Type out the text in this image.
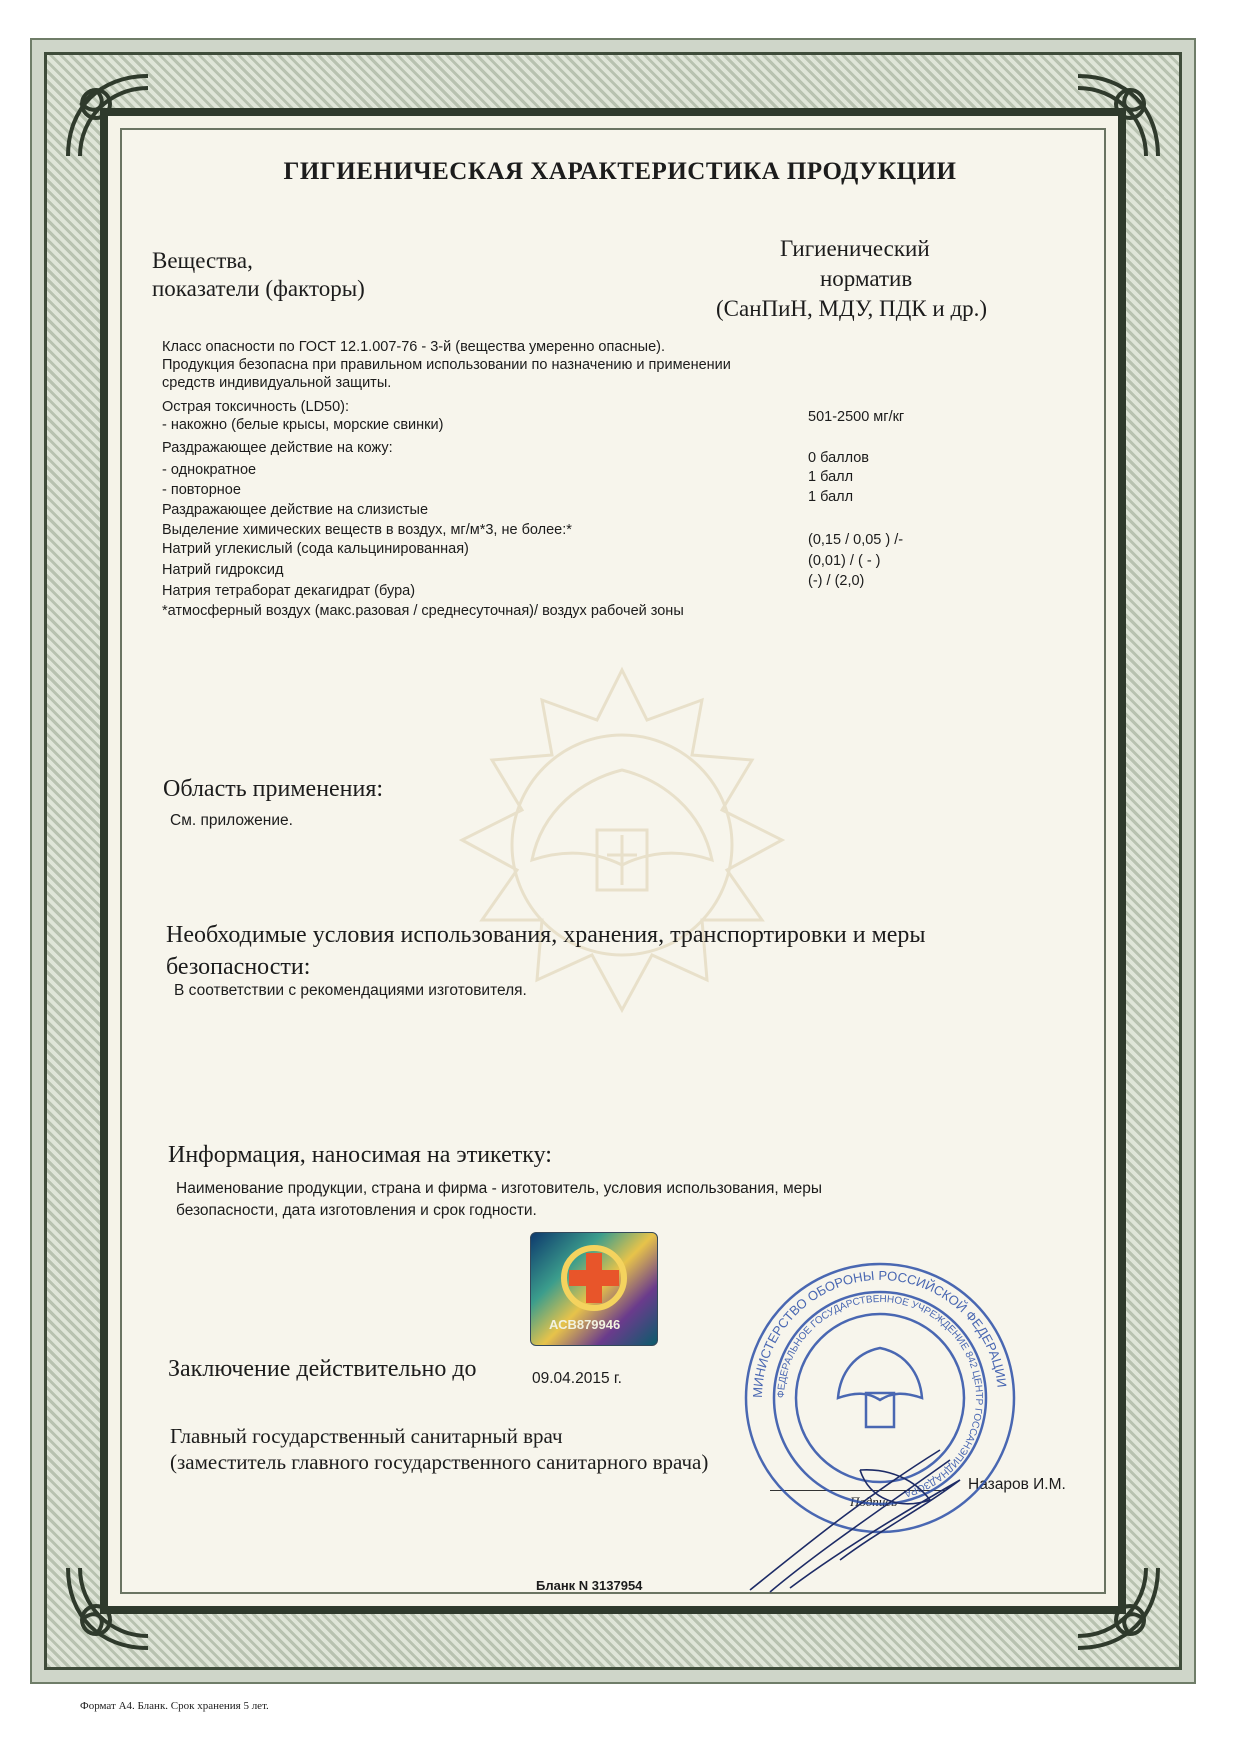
ГИГИЕНИЧЕСКАЯ ХАРАКТЕРИСТИКА ПРОДУКЦИИ
Вещества,
показатели (факторы)
Гигиенический
норматив
(СанПиН, МДУ, ПДК и др.)
Класс опасности по ГОСТ 12.1.007-76 - 3-й (вещества умеренно опасные).
Продукция безопасна при правильном использовании по назначению и применении
средств индивидуальной защиты.
Острая токсичность (LD50):
- накожно (белые крысы, морские свинки)
Раздражающее действие на кожу:
- однократное
- повторное
Раздражающее действие на слизистые
Выделение химических веществ в воздух, мг/м*3, не более:*
Натрий углекислый (сода кальцинированная)
Натрий гидроксид
Натрия тетраборат декагидрат (бура)
*атмосферный воздух (макс.разовая / среднесуточная)/ воздух рабочей зоны
501-2500 мг/кг
0 баллов
1 балл
1 балл
(0,15 / 0,05 ) /-
(0,01) / ( - )
(-) / (2,0)
Область применения:
См. приложение.
Необходимые условия использования, хранения, транспортировки и меры
безопасности:
В соответствии с рекомендациями изготовителя.
Информация, наносимая на этикетку:
Наименование продукции, страна и фирма - изготовитель, условия использования, меры
безопасности, дата изготовления и срок годности.
АСВ879946
Заключение действительно до	09.04.2015 г.
Главный государственный санитарный врач
(заместитель главного государственного санитарного врача)
Подпись
Назаров И.М.
МИНИСТЕРСТВО ОБОРОНЫ РОССИЙСКОЙ ФЕДЕРАЦИИ
ФЕДЕРАЛЬНОЕ ГОСУДАРСТВЕННОЕ УЧРЕЖДЕНИЕ 842 ЦЕНТР ГОССАНЭПИДНАДЗОРА
Бланк N 3137954
Формат А4. Бланк. Срок хранения 5 лет.
